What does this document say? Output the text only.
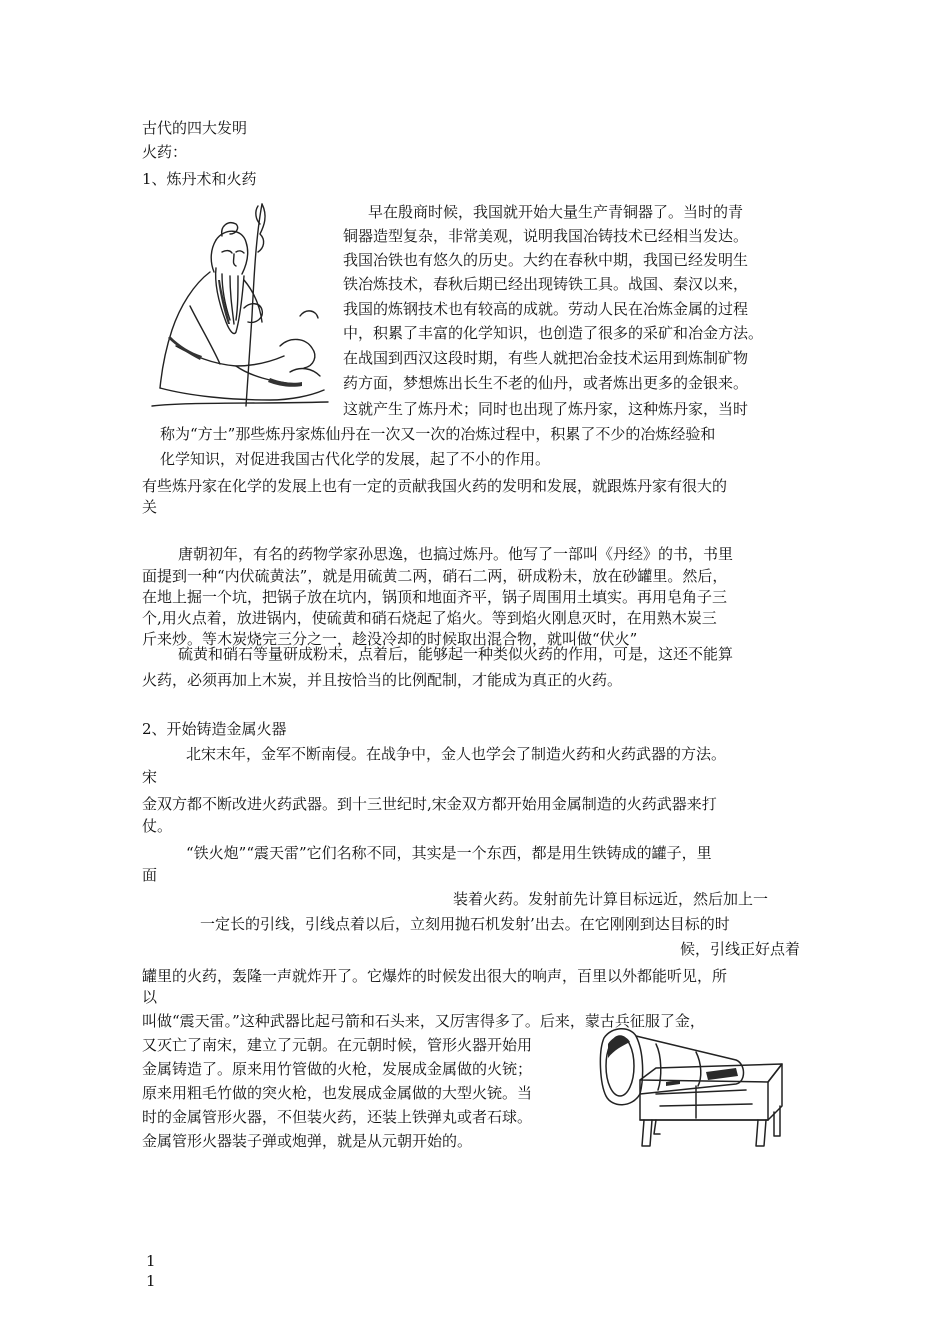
古代的四大发明

火药：

1、炼丹术和火药

早在殷商时候，我国就开始大量生产青铜器了。当时的青

铜器造型复杂，非常美观，说明我国冶铸技术已经相当发达。

我国冶铁也有悠久的历史。大约在春秋中期，我国已经发明生

铁冶炼技术，春秋后期已经出现铸铁工具。战国、秦汉以来，

我国的炼钢技术也有较高的成就。劳动人民在冶炼金属的过程

中，积累了丰富的化学知识，也创造了很多的采矿和冶金方法。

在战国到西汉这段时期，有些人就把冶金技术运用到炼制矿物

药方面，梦想炼出长生不老的仙丹，或者炼出更多的金银来。

这就产生了炼丹术；同时也出现了炼丹家，这种炼丹家，当时

称为“方士”那些炼丹家炼仙丹在一次又一次的冶炼过程中，积累了不少的冶炼经验和

化学知识，对促进我国古代化学的发展，起了不小的作用。

有些炼丹家在化学的发展上也有一定的贡献我国火药的发明和发展，就跟炼丹家有很大的

关

唐朝初年，有名的药物学家孙思逸，也搞过炼丹。他写了一部叫《丹经》的书，书里

面提到一种“内伏硫黄法”，就是用硫黄二两，硝石二两，研成粉未，放在砂罐里。然后，

在地上掘一个坑，把锅子放在坑内，锅顶和地面齐平，锅子周围用土填实。再用皂角子三

个,用火点着，放进锅内，使硫黄和硝石烧起了焰火。等到焰火刚息灭时，在用熟木炭三

斤来炒。等木炭烧完三分之一，趁没冷却的时候取出混合物，就叫做“伏火”

硫黄和硝石等量研成粉末，点着后，能够起一种类似火药的作用，可是，这还不能算

火药，必须再加上木炭，并且按恰当的比例配制，才能成为真正的火药。

2、开始铸造金属火器

北宋末年，金军不断南侵。在战争中，金人也学会了制造火药和火药武器的方法。

宋

金双方都不断改进火药武器。到十三世纪时,宋金双方都开始用金属制造的火药武器来打

仗。

“铁火炮”“震天雷”它们名称不同，其实是一个东西，都是用生铁铸成的罐子，里

面

装着火药。发射前先计算目标远近，然后加上一

一定长的引线，引线点着以后，立刻用抛石机发射’出去。在它刚刚到达目标的时

候，引线正好点着

罐里的火药，轰隆一声就炸开了。它爆炸的时候发出很大的响声，百里以外都能听见，所

以

叫做“震天雷。”这种武器比起弓箭和石头来，又厉害得多了。后来，蒙古兵征服了金，

又灭亡了南宋，建立了元朝。在元朝时候，管形火器开始用

金属铸造了。原来用竹管做的火枪，发展成金属做的火铳；

原来用粗毛竹做的突火枪，也发展成金属做的大型火铳。当

时的金属管形火器，不但装火药，还装上铁弹丸或者石球。

金属管形火器装子弹或炮弹，就是从元朝开始的。

1

1
